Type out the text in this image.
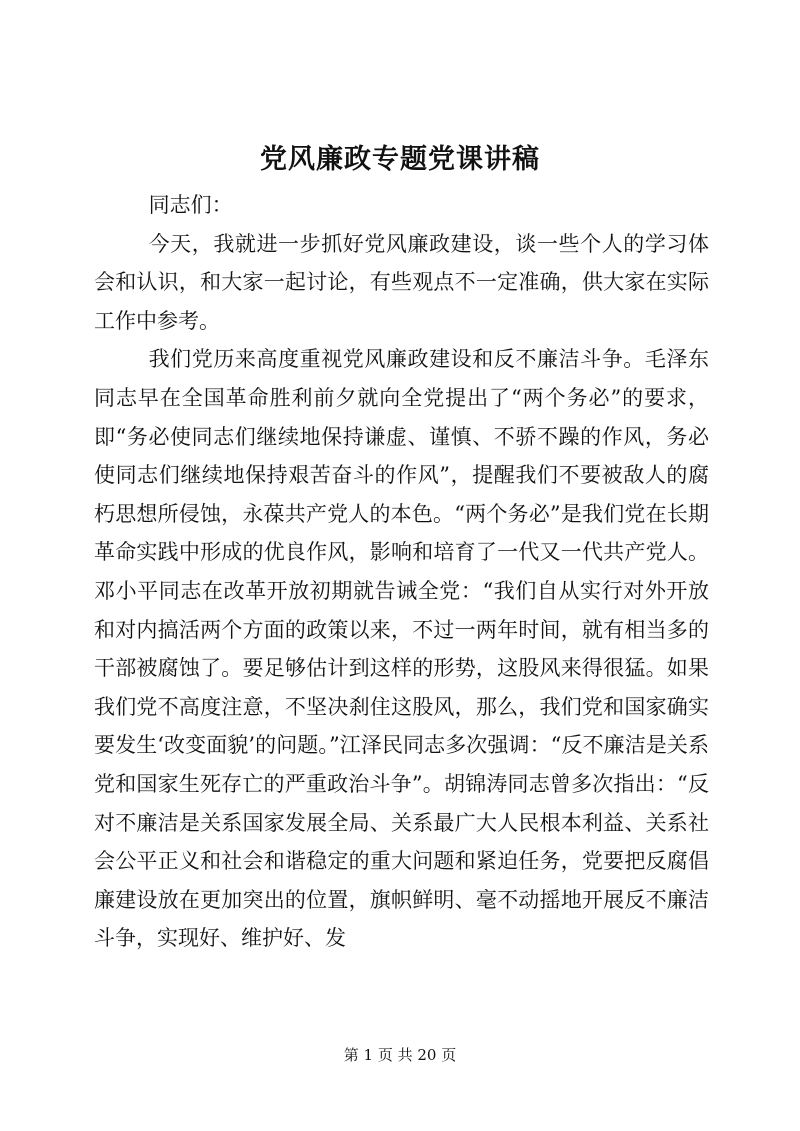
党风廉政专题党课讲稿

同志们：

今天，我就进一步抓好党风廉政建设，谈一些个人的学习体会和认识，和大家一起讨论，有些观点不一定准确，供大家在实际工作中参考。

我们党历来高度重视党风廉政建设和反不廉洁斗争。毛泽东同志早在全国革命胜利前夕就向全党提出了“两个务必”的要求，即“务必使同志们继续地保持谦虚、谨慎、不骄不躁的作风，务必使同志们继续地保持艰苦奋斗的作风”，提醒我们不要被敌人的腐朽思想所侵蚀，永葆共产党人的本色。“两个务必”是我们党在长期革命实践中形成的优良作风，影响和培育了一代又一代共产党人。邓小平同志在改革开放初期就告诫全党：“我们自从实行对外开放和对内搞活两个方面的政策以来，不过一两年时间，就有相当多的干部被腐蚀了。要足够估计到这样的形势，这股风来得很猛。如果我们党不高度注意，不坚决刹住这股风，那么，我们党和国家确实要发生‘改变面貌’的问题。”江泽民同志多次强调：“反不廉洁是关系党和国家生死存亡的严重政治斗争”。胡锦涛同志曾多次指出：“反对不廉洁是关系国家发展全局、关系最广大人民根本利益、关系社会公平正义和社会和谐稳定的重大问题和紧迫任务，党要把反腐倡廉建设放在更加突出的位置，旗帜鲜明、毫不动摇地开展反不廉洁斗争，实现好、维护好、发

第 1 页 共 20 页
